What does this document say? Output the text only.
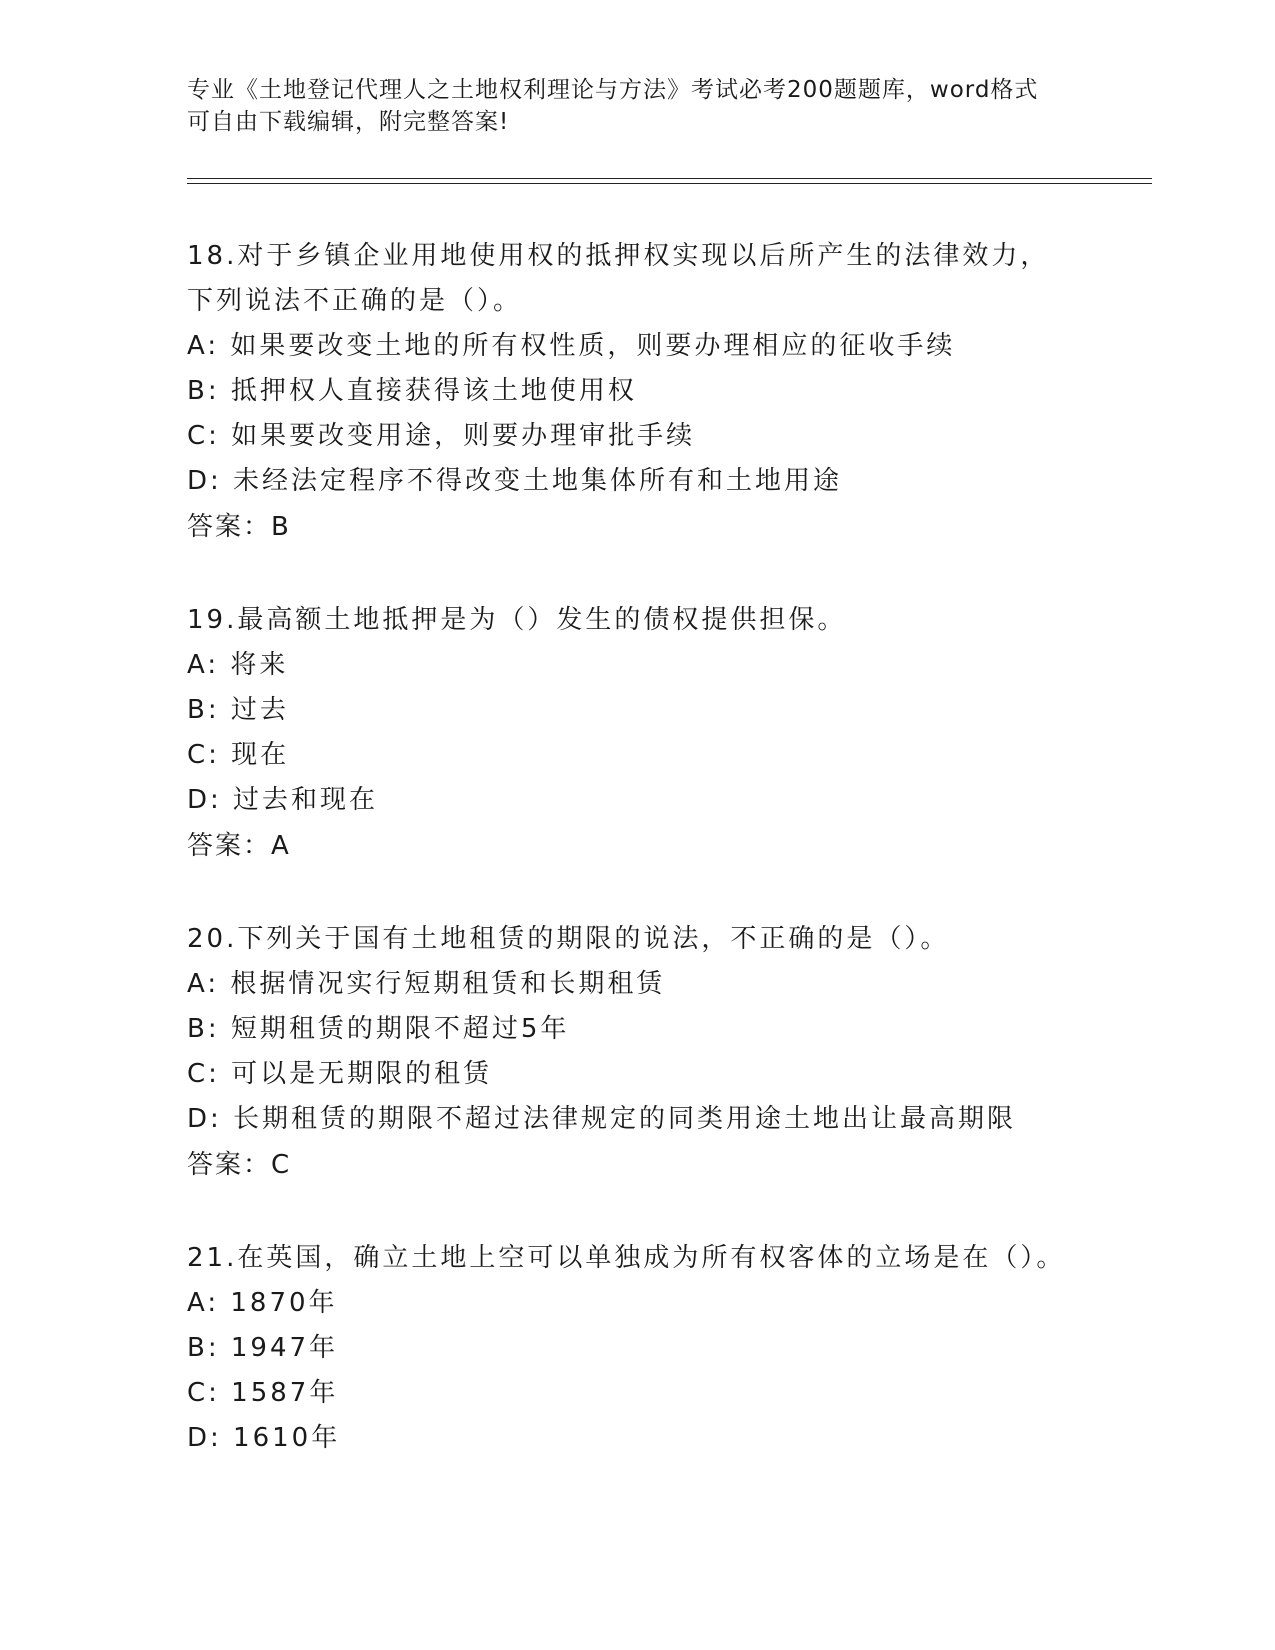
专业《土地登记代理人之土地权利理论与方法》考试必考200题题库，word格式
可自由下载编辑，附完整答案!

18.对于乡镇企业用地使用权的抵押权实现以后所产生的法律效力，下列说法不正确的是（）。

A: 如果要改变土地的所有权性质，则要办理相应的征收手续

B: 抵押权人直接获得该土地使用权

C: 如果要改变用途，则要办理审批手续

D: 未经法定程序不得改变土地集体所有和土地用途

答案：B

19.最高额土地抵押是为（）发生的债权提供担保。

A: 将来

B: 过去

C: 现在

D: 过去和现在

答案：A

20.下列关于国有土地租赁的期限的说法，不正确的是（）。

A: 根据情况实行短期租赁和长期租赁

B: 短期租赁的期限不超过5年

C: 可以是无期限的租赁

D: 长期租赁的期限不超过法律规定的同类用途土地出让最高期限

答案：C

21.在英国，确立土地上空可以单独成为所有权客体的立场是在（）。

A: 1870年

B: 1947年

C: 1587年

D: 1610年
